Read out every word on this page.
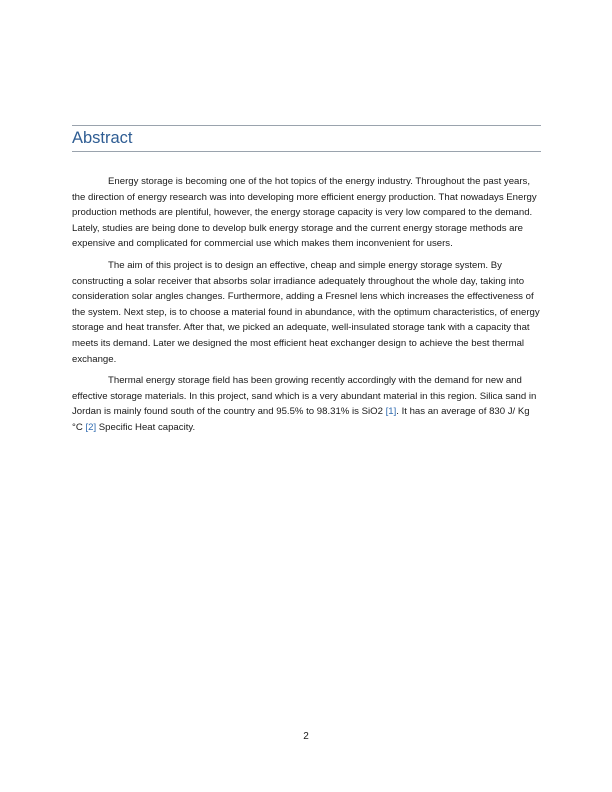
Abstract

Energy storage is becoming one of the hot topics of the energy industry. Throughout the past years, the direction of energy research was into developing more efficient energy production. That nowadays Energy production methods are plentiful, however, the energy storage capacity is very low compared to the demand. Lately, studies are being done to develop bulk energy storage and the current energy storage methods are expensive and complicated for commercial use which makes them inconvenient for users.

The aim of this project is to design an effective, cheap and simple energy storage system. By constructing a solar receiver that absorbs solar irradiance adequately throughout the whole day, taking into consideration solar angles changes. Furthermore, adding a Fresnel lens which increases the effectiveness of the system. Next step, is to choose a material found in abundance, with the optimum characteristics, of energy storage and heat transfer. After that, we picked an adequate, well-insulated storage tank with a capacity that meets its demand. Later we designed the most efficient heat exchanger design to achieve the best thermal exchange.

Thermal energy storage field has been growing recently accordingly with the demand for new and effective storage materials. In this project, sand which is a very abundant material in this region. Silica sand in Jordan is mainly found south of the country and 95.5% to 98.31% is SiO2 [1]. It has an average of 830 J/ Kg °C [2] Specific Heat capacity.

2
